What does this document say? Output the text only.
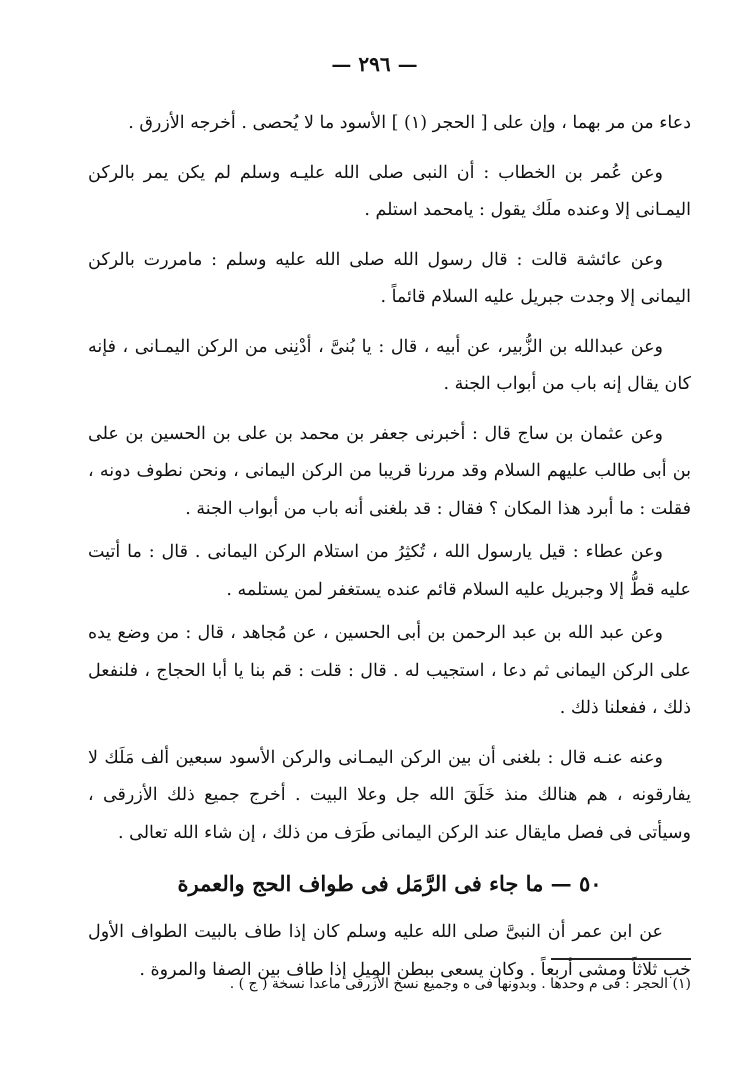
— ٢٩٦ —

دعاء من مر بهما ، وإن على [ الحجر (١) ] الأسود ما لا يُحصى . أخرجه الأزرق .

وعن عُمر بن الخطاب : أن النبى صلى الله عليـه وسلم لم يكن يمر بالركن اليمـانى إلا وعنده ملَك يقول : يامحمد استلم .

وعن عائشة قالت : قال رسول الله صلى الله عليه وسلم : مامررت بالركن اليمانى إلا وجدت جبريل عليه السلام قائماً .

وعن عبدالله بن الزُّبير، عن أبيه ، قال : يا بُنىَّ ، أدْنِنى من الركن اليمـانى ، فإنه كان يقال إنه باب من أبواب الجنة .

وعن عثمان بن ساج قال : أخبرنى جعفر بن محمد بن على بن الحسين بن على بن أبى طالب عليهم السلام وقد مررنا قريبا من الركن اليمانى ، ونحن نطوف دونه ، فقلت : ما أبرد هذا المكان ؟ فقال : قد بلغنى أنه باب من أبواب الجنة .

وعن عطاء : قيل يارسول الله ، تُكثِرُ من استلام الركن اليمانى . قال : ما أتيت عليه قطُّ إلا وجبريل عليه السلام قائم عنده يستغفر لمن يستلمه .

وعن عبد الله بن عبد الرحمن بن أبى الحسين ، عن مُجاهد ، قال : من وضع يده على الركن اليمانى ثم دعا ، استجيب له . قال : قلت : قم بنا يا أبا الحجاج ، فلنفعل ذلك ، ففعلنا ذلك .

وعنه عنـه قال : بلغنى أن بين الركن اليمـانى والركن الأسود سبعين ألف مَلَك لا يفارقونه ، هم هنالك منذ خَلَقَ الله جل وعلا البيت . أخرج جميع ذلك الأزرقى ، وسيأتى فى فصل مايقال عند الركن اليمانى طَرَف من ذلك ، إن شاء الله تعالى .

٥٠ — ما جاء فى الرَّمَل فى طواف الحج والعمرة

عن ابن عمر أن النبىَّ صلى الله عليه وسلم كان إذا طاف بالبيت الطواف الأول خب ثلاثاً ومشى أربعاً . وكان يسعى ببطن المِيل إذا طاف بين الصفا والمروة .

(١) الحجر : فى م وحدها . وبدونها فى ه وجميع نسخ الأزرقى ماعدا نسخة ( ج ) .
